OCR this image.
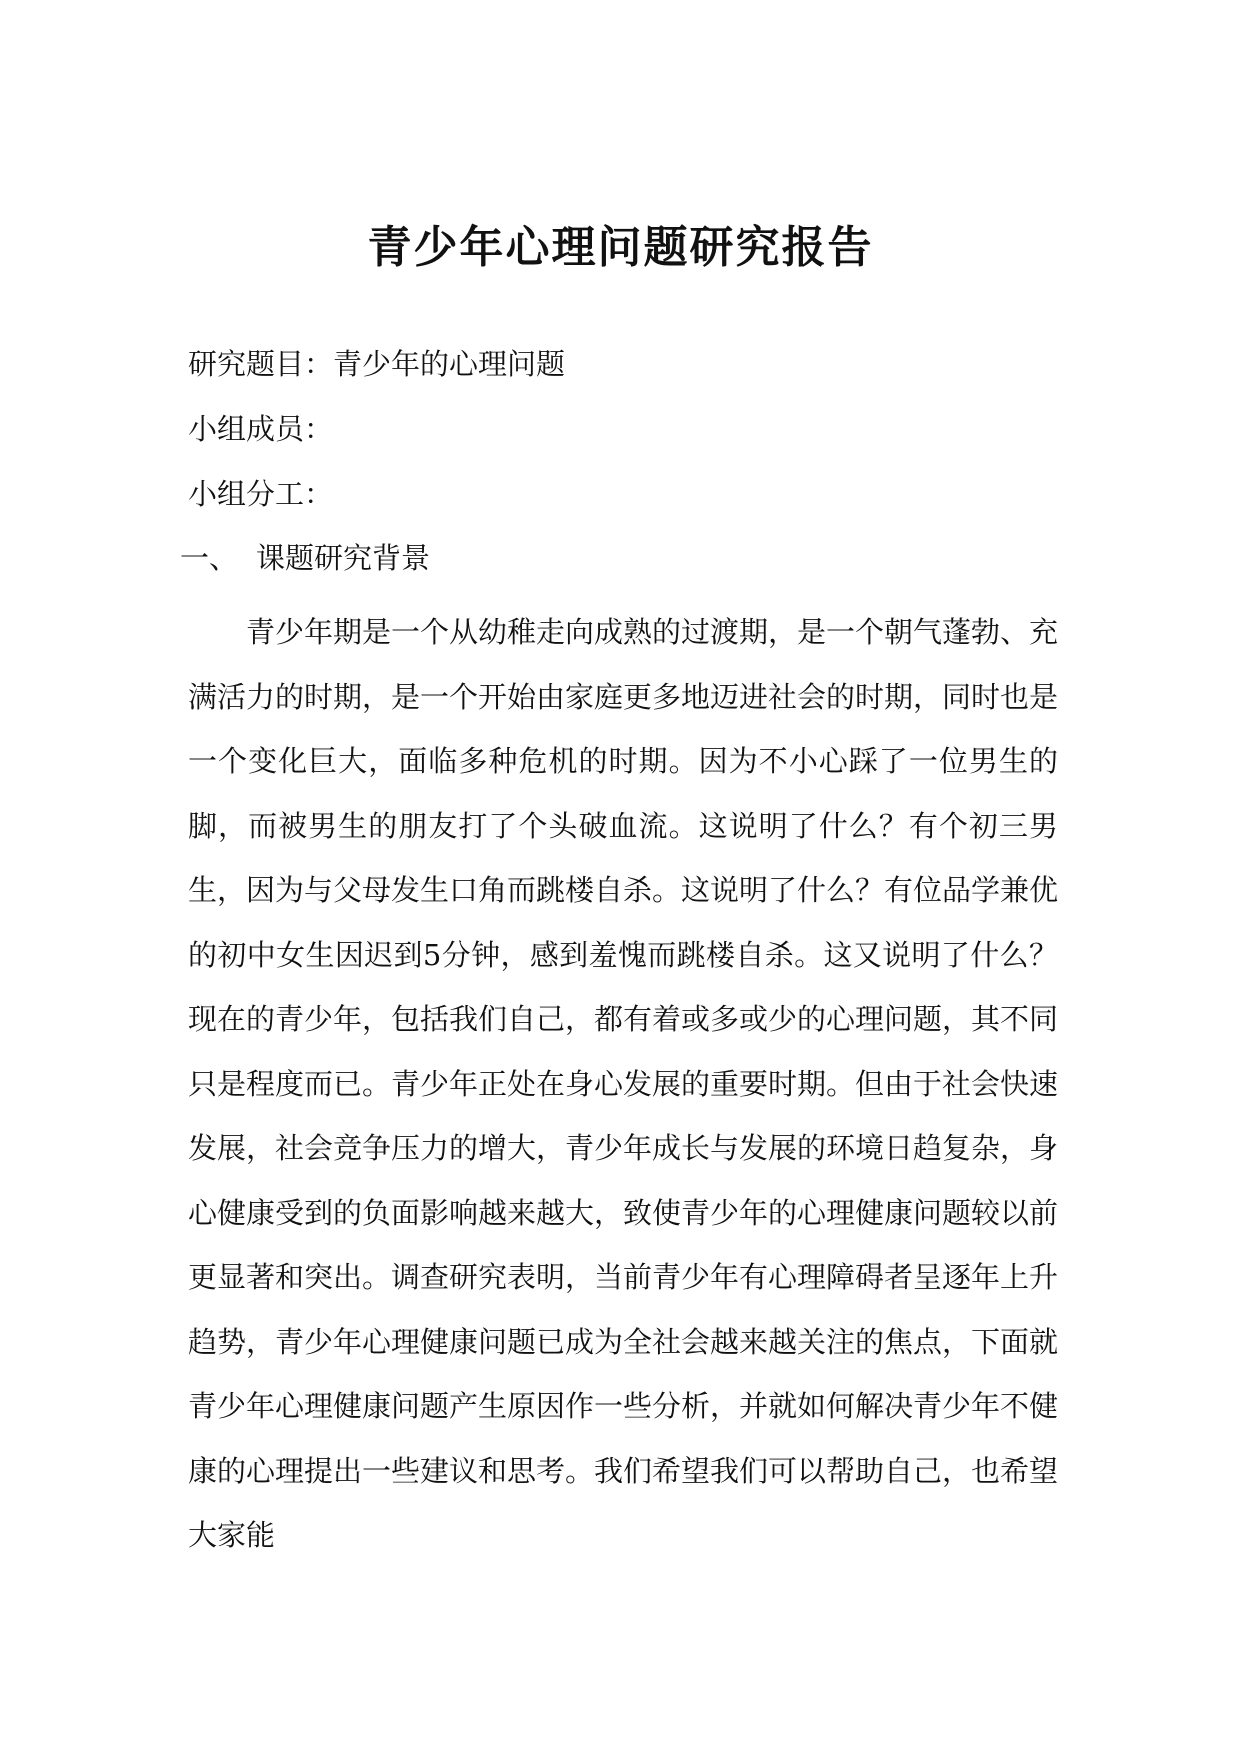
青少年心理问题研究报告
研究题目：青少年的心理问题
小组成员：
小组分工：
一、 课题研究背景

青少年期是一个从幼稚走向成熟的过渡期，是一个朝气蓬勃、充满活力的时期，是一个开始由家庭更多地迈进社会的时期，同时也是一个变化巨大，面临多种危机的时期。因为不小心踩了一位男生的脚，而被男生的朋友打了个头破血流。这说明了什么？有个初三男生，因为与父母发生口角而跳楼自杀。这说明了什么？有位品学兼优的初中女生因迟到5分钟，感到羞愧而跳楼自杀。这又说明了什么？现在的青少年，包括我们自己，都有着或多或少的心理问题，其不同只是程度而已。青少年正处在身心发展的重要时期。但由于社会快速发展，社会竞争压力的增大，青少年成长与发展的环境日趋复杂，身心健康受到的负面影响越来越大，致使青少年的心理健康问题较以前更显著和突出。调查研究表明，当前青少年有心理障碍者呈逐年上升趋势，青少年心理健康问题已成为全社会越来越关注的焦点，下面就青少年心理健康问题产生原因作一些分析，并就如何解决青少年不健康的心理提出一些建议和思考。我们希望我们可以帮助自己，也希望大家能
